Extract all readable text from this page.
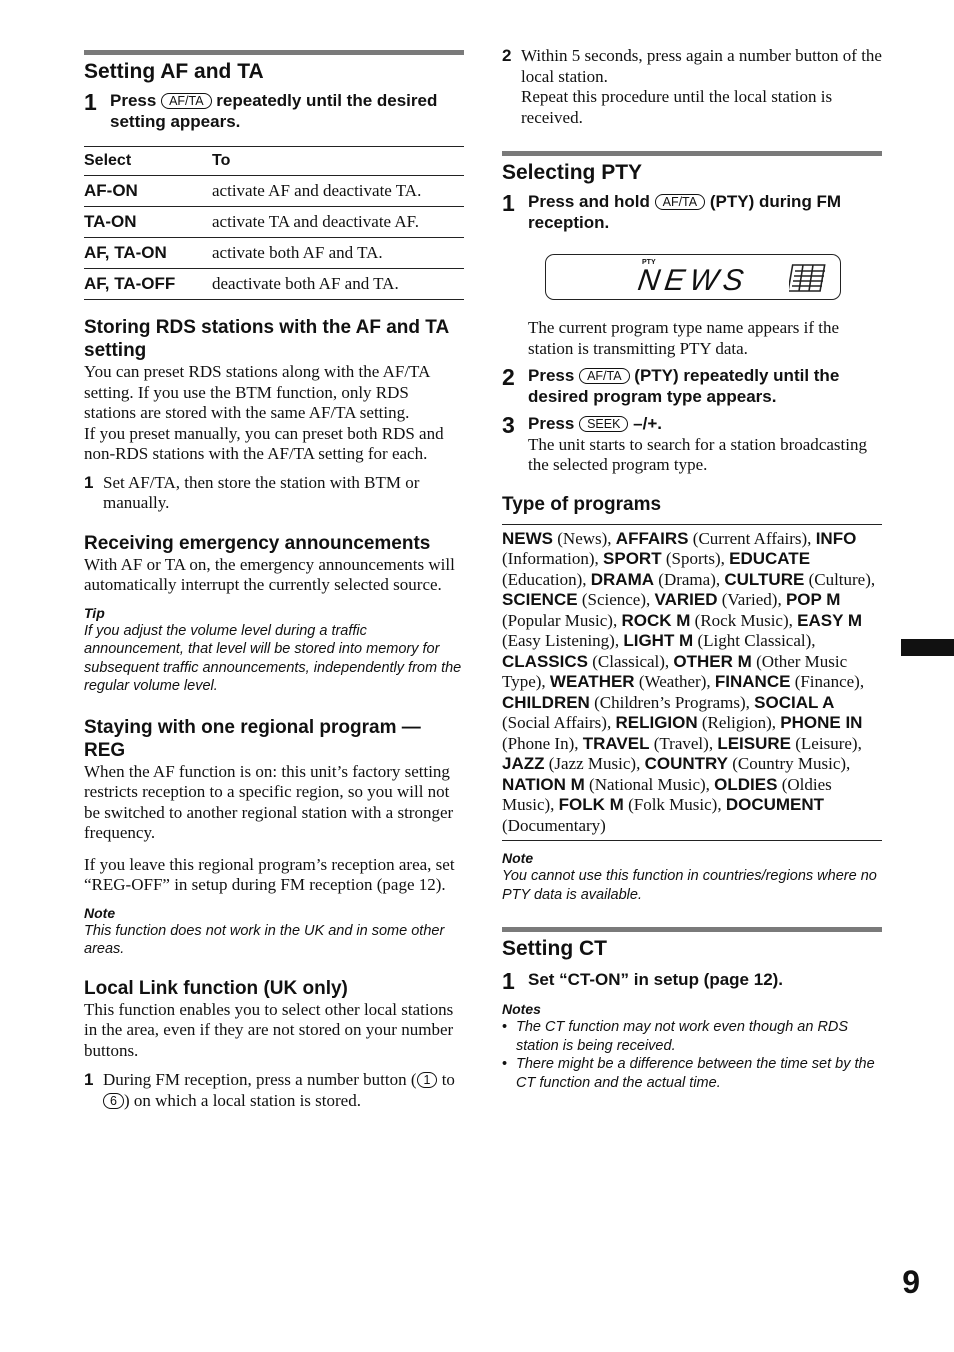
Setting AF and TA
1 Press AF/TA repeatedly until the desired setting appears.
Select	To
AF-ON	activate AF and deactivate TA.
TA-ON	activate TA and deactivate AF.
AF, TA-ON	activate both AF and TA.
AF, TA-OFF	deactivate both AF and TA.
Storing RDS stations with the AF and TA setting

You can preset RDS stations along with the AF/TA setting. If you use the BTM function, only RDS stations are stored with the same AF/TA setting.

If you preset manually, you can preset both RDS and non-RDS stations with the AF/TA setting for each.

1 Set AF/TA, then store the station with BTM or manually.
Receiving emergency announcements

With AF or TA on, the emergency announcements will automatically interrupt the currently selected source.

Tip
If you adjust the volume level during a traffic announcement, that level will be stored into memory for subsequent traffic announcements, independently from the regular volume level.
Staying with one regional program — REG

When the AF function is on: this unit’s factory setting restricts reception to a specific region, so you will not be switched to another regional station with a stronger frequency.

If you leave this regional program’s reception area, set “REG-OFF” in setup during FM reception (page 12).

Note
This function does not work in the UK and in some other areas.
Local Link function (UK only)

This function enables you to select other local stations in the area, even if they are not stored on your number buttons.

1 During FM reception, press a number button ( 1 to 6 ) on which a local station is stored.
2 Within 5 seconds, press again a number button of the local station.
Repeat this procedure until the local station is received.
Selecting PTY
1 Press and hold AF/TA (PTY) during FM reception.
PTY
NEWS

The current program type name appears if the station is transmitting PTY data.

2 Press AF/TA (PTY) repeatedly until the desired program type appears.
3 Press SEEK –/+.

The unit starts to search for a station broadcasting the selected program type.

Type of programs

NEWS (News), AFFAIRS (Current Affairs), INFO (Information), SPORT (Sports), EDUCATE (Education), DRAMA (Drama), CULTURE (Culture), SCIENCE (Science), VARIED (Varied), POP M (Popular Music), ROCK M (Rock Music), EASY M (Easy Listening), LIGHT M (Light Classical), CLASSICS (Classical), OTHER M (Other Music Type), WEATHER (Weather), FINANCE (Finance), CHILDREN (Children’s Programs), SOCIAL A (Social Affairs), RELIGION (Religion), PHONE IN (Phone In), TRAVEL (Travel), LEISURE (Leisure), JAZZ (Jazz Music), COUNTRY (Country Music), NATION M (National Music), OLDIES (Oldies Music), FOLK M (Folk Music), DOCUMENT (Documentary)

Note
You cannot use this function in countries/regions where no PTY data is available.
Setting CT
1 Set “CT-ON” in setup (page 12).
Notes
• The CT function may not work even though an RDS station is being received.
• There might be a difference between the time set by the CT function and the actual time.
9
